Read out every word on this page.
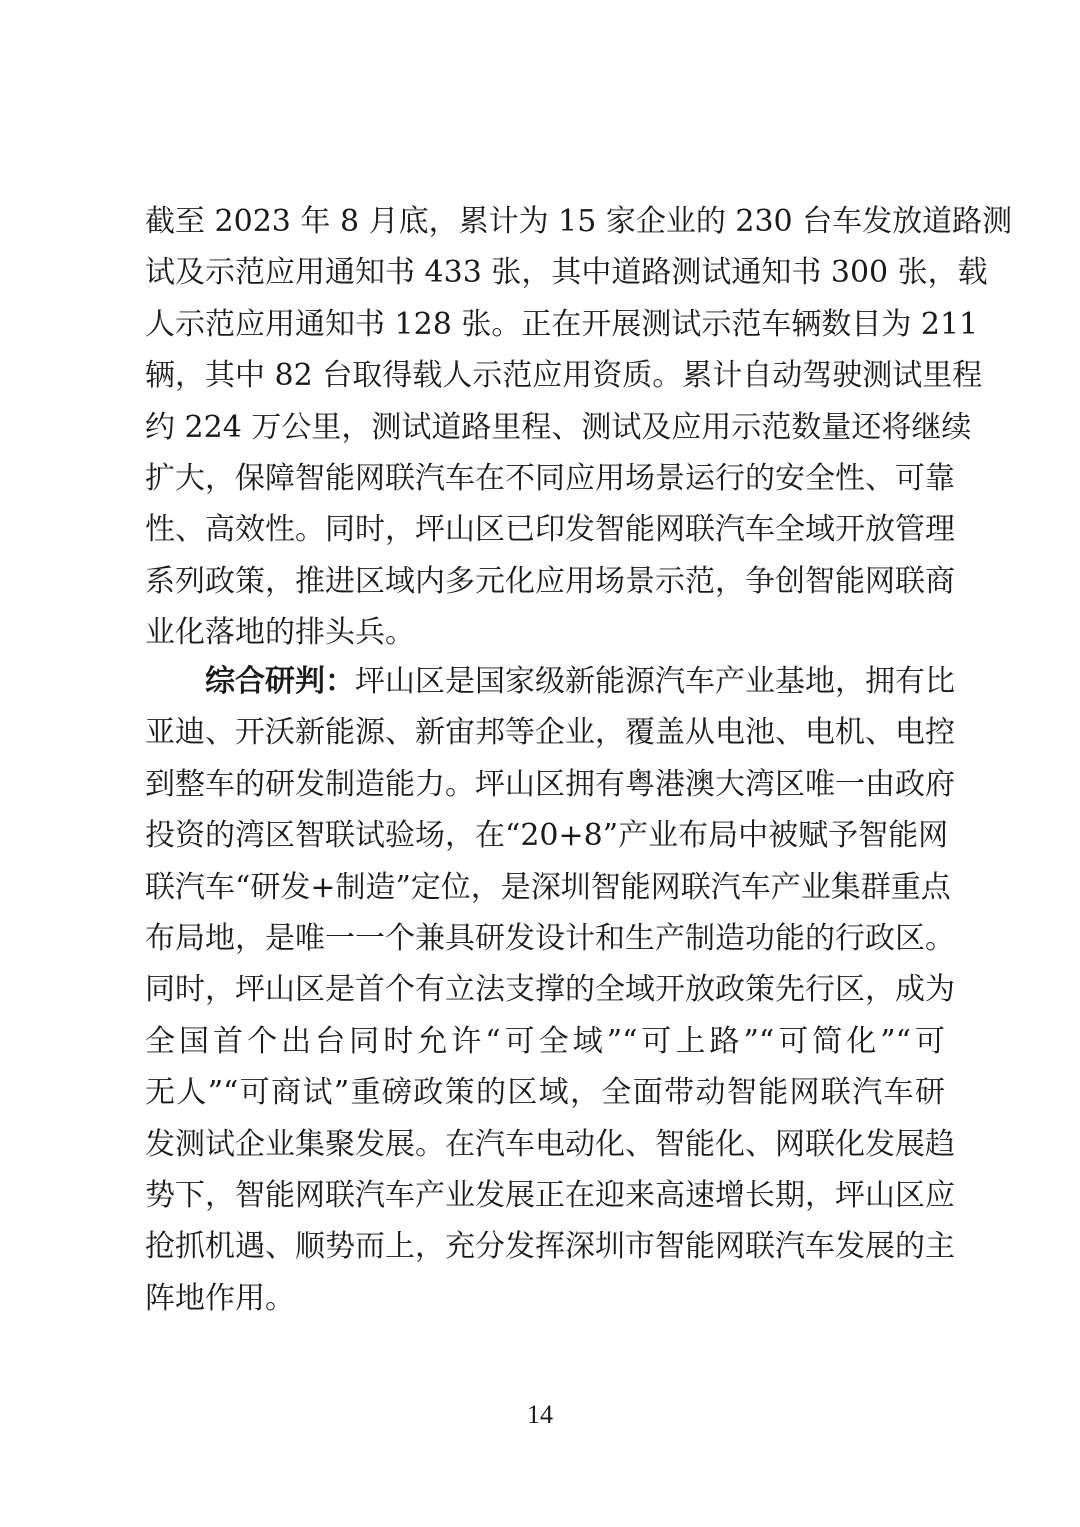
截至 2023 年 8 月底，累计为 15 家企业的 230 台车发放道路测
试及示范应用通知书 433 张，其中道路测试通知书 300 张，载
人示范应用通知书 128 张。正在开展测试示范车辆数目为 211
辆，其中 82 台取得载人示范应用资质。累计自动驾驶测试里程
约 224 万公里，测试道路里程、测试及应用示范数量还将继续
扩大，保障智能网联汽车在不同应用场景运行的安全性、可靠
性、高效性。同时，坪山区已印发智能网联汽车全域开放管理
系列政策，推进区域内多元化应用场景示范，争创智能网联商
业化落地的排头兵。
综合研判：坪山区是国家级新能源汽车产业基地，拥有比
亚迪、开沃新能源、新宙邦等企业，覆盖从电池、电机、电控
到整车的研发制造能力。坪山区拥有粤港澳大湾区唯一由政府
投资的湾区智联试验场，在“20+8”产业布局中被赋予智能网
联汽车“研发+制造”定位，是深圳智能网联汽车产业集群重点
布局地，是唯一一个兼具研发设计和生产制造功能的行政区。
同时，坪山区是首个有立法支撑的全域开放政策先行区，成为
全国首个出台同时允许“可全域”“可上路”“可简化”“可
无人”“可商试”重磅政策的区域，全面带动智能网联汽车研
发测试企业集聚发展。在汽车电动化、智能化、网联化发展趋
势下，智能网联汽车产业发展正在迎来高速增长期，坪山区应
抢抓机遇、顺势而上，充分发挥深圳市智能网联汽车发展的主
阵地作用。
14
